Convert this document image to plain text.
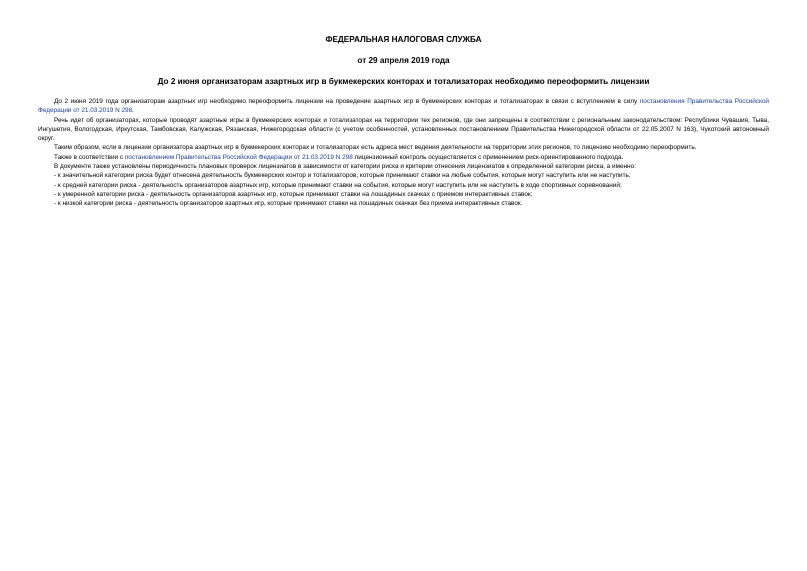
ФЕДЕРАЛЬНАЯ НАЛОГОВАЯ СЛУЖБА

от 29 апреля 2019 года

До 2 июня организаторам азартных игр в букмекерских конторах и тотализаторах необходимо переоформить лицензии

До 2 июня 2019 года организаторам азартных игр необходимо переоформить лицензии на проведение азартных игр в букмекерских конторах и тотализаторах в связи с вступлением в силу постановления Правительства Российской Федерации от 21.03.2019 N 298.

Речь идет об организаторах, которые проводят азартные игры в букмекерских конторах и тотализаторах на территории тех регионов, где они запрещены в соответствии с региональным законодательством: Республики Чувашия, Тыва, Ингушетия, Вологодская, Иркутская, Тамбовская, Калужская, Рязанская, Нижегородская области (с учетом особенностей, установленных постановлением Правительства Нижегородской области от 22.05.2007 N 163), Чукотский автономный округ.

Таким образом, если в лицензии организатора азартных игр в букмекерских конторах и тотализаторах есть адреса мест ведения деятельности на территории этих регионов, то лицензию необходимо переоформить.

Также в соответствии с постановлением Правительства Российской Федерации от 21.03.2019 N 298 лицензионный контроль осуществляется с применением риск-ориентированного подхода.

В документе также установлены периодичность плановых проверок лицензиатов в зависимости от категории риска и критерии отнесения лицензиатов к определенной категории риска, а именно:

- к значительной категории риска будет отнесена деятельность букмекерских контор и тотализаторов, которые принимают ставки на любые события, которые могут наступить или не наступить;

- к средней категории риска - деятельность организаторов азартных игр, которые принимают ставки на события, которые могут наступить или не наступить в ходе спортивных соревнований;

- к умеренной категории риска - деятельность организаторов азартных игр, которые принимают ставки на лошадиных скачках с приемом интерактивных ставок;

- к низкой категории риска - деятельность организаторов азартных игр, которые принимают ставки на лошадиных скачках без приема интерактивных ставок.
